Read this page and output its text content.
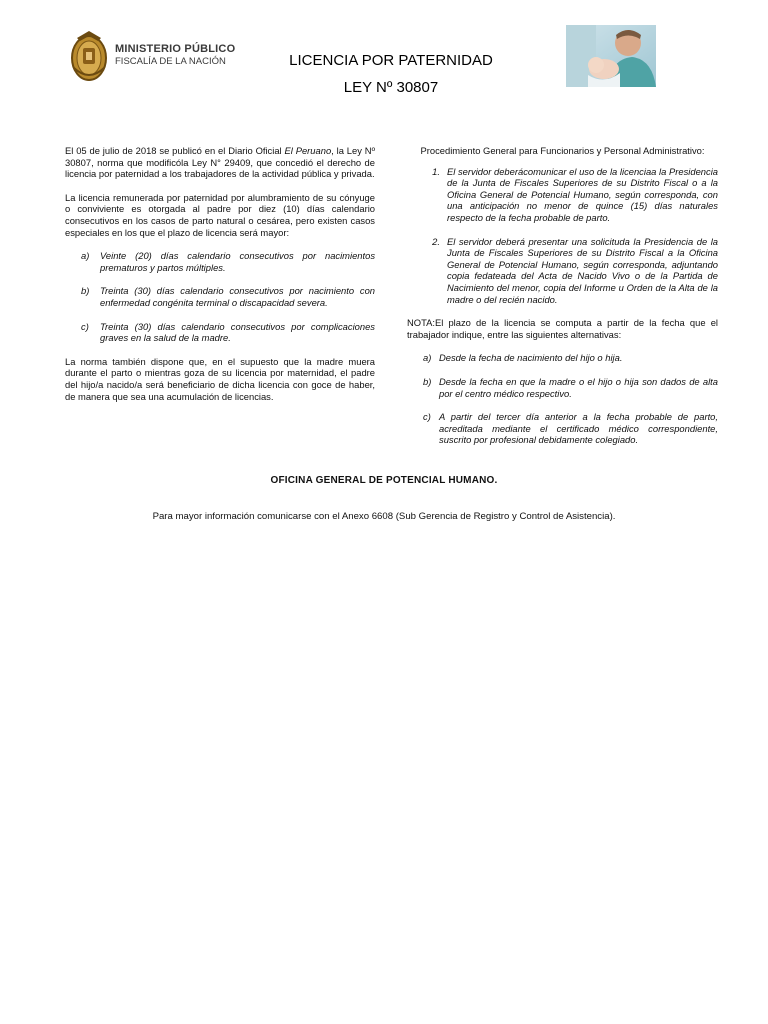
MINISTERIO PÚBLICO
FISCALÍA DE LA NACIÓN	LICENCIA POR PATERNIDAD
LEY Nº 30807

El 05 de julio de 2018 se publicó en el Diario Oficial El Peruano, la Ley Nº 30807, norma que modificóla Ley N° 29409, que concedió el derecho de licencia por paternidad a los trabajadores de la actividad pública y privada.

La licencia remunerada por paternidad por alumbramiento de su cónyuge o conviviente es otorgada al padre por diez (10) días calendario consecutivos en los casos de parto natural o cesárea, pero existen casos especiales en los que el plazo de licencia será mayor:

a)	Veinte (20) días calendario consecutivos por nacimientos prematuros y partos múltiples.
b)	Treinta (30) días calendario consecutivos por nacimiento con enfermedad congénita terminal o discapacidad severa.
c)	Treinta (30) días calendario consecutivos por complicaciones graves en la salud de la madre.

La norma también dispone que, en el supuesto que la madre muera durante el parto o mientras goza de su licencia por maternidad, el padre del hijo/a nacido/a será beneficiario de dicha licencia con goce de haber, de manera que sea una acumulación de licencias.

Procedimiento General para Funcionarios y Personal Administrativo:
1. El servidor deberácomunicar el uso de la licenciaa la Presidencia de la Junta de Fiscales Superiores de su Distrito Fiscal o a la Oficina General de Potencial Humano, según corresponda, con una anticipación no menor de quince (15) días naturales respecto de la fecha probable de parto.
2. El servidor deberá presentar una solicituda la Presidencia de la Junta de Fiscales Superiores de su Distrito Fiscal a la Oficina General de Potencial Humano, según corresponda, adjuntando copia fedateada del Acta de Nacido Vivo o de la Partida de Nacimiento del menor, copia del Informe u Orden de la Alta de la madre o del recién nacido.

NOTA:El plazo de la licencia se computa a partir de la fecha que el trabajador indique, entre las siguientes alternativas:

a) Desde la fecha de nacimiento del hijo o hija.
b) Desde la fecha en que la madre o el hijo o hija son dados de alta por el centro médico respectivo.
c) A partir del tercer día anterior a la fecha probable de parto, acreditada mediante el certificado médico correspondiente, suscrito por profesional debidamente colegiado.
OFICINA GENERAL DE POTENCIAL HUMANO.
Para mayor información comunicarse con el Anexo 6608 (Sub Gerencia de Registro y Control de Asistencia).
